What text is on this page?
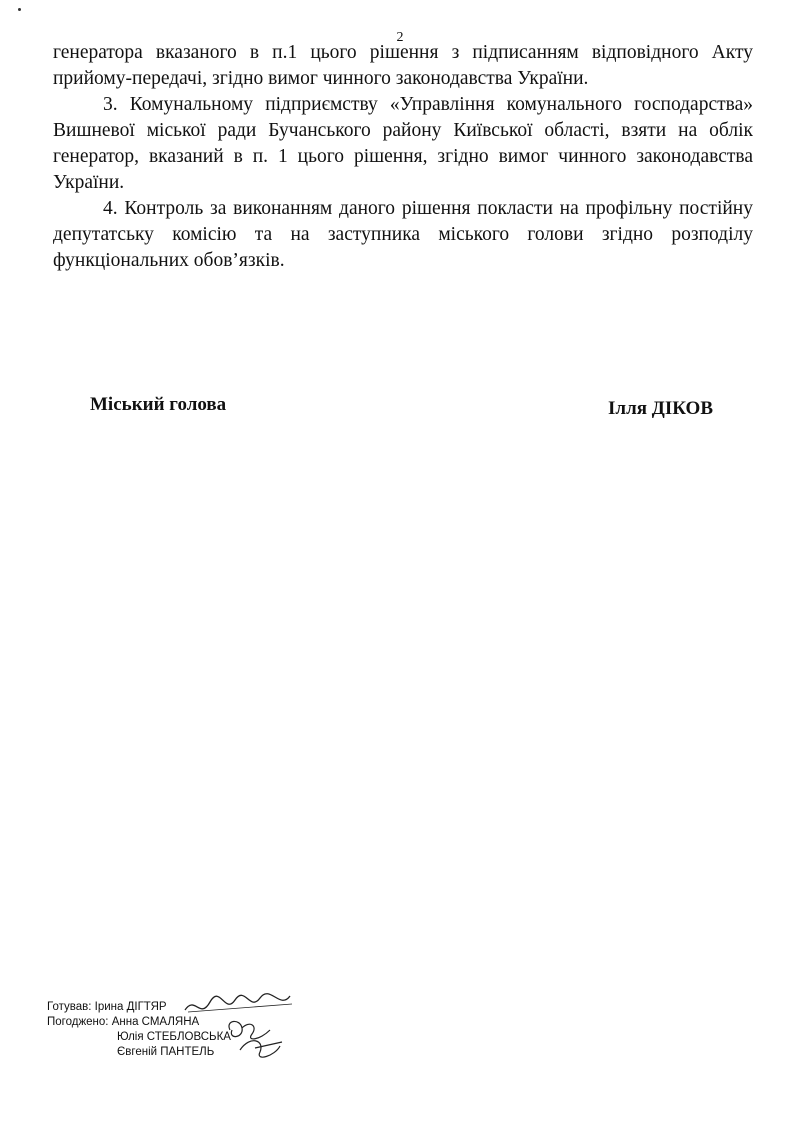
2

генератора вказаного в п.1 цього рішення з підписанням відповідного Акту прийому-передачі, згідно вимог чинного законодавства України.

3. Комунальному підприємству «Управління комунального господарства» Вишневої міської ради Бучанського району Київської області, взяти на облік генератор, вказаний в п. 1 цього рішення, згідно вимог чинного законодавства України.

4. Контроль за виконанням даного рішення покласти на профільну постійну депутатську комісію та на заступника міського голови згідно розподілу функціональних обов’язків.

Міський голова	Ілля ДІКОВ
Готував: Ірина ДІГТЯР
Погоджено: Анна СМАЛЯНА
Юлія СТЕБЛОВСЬКА
Євгеній ПАНТЕЛЬ
